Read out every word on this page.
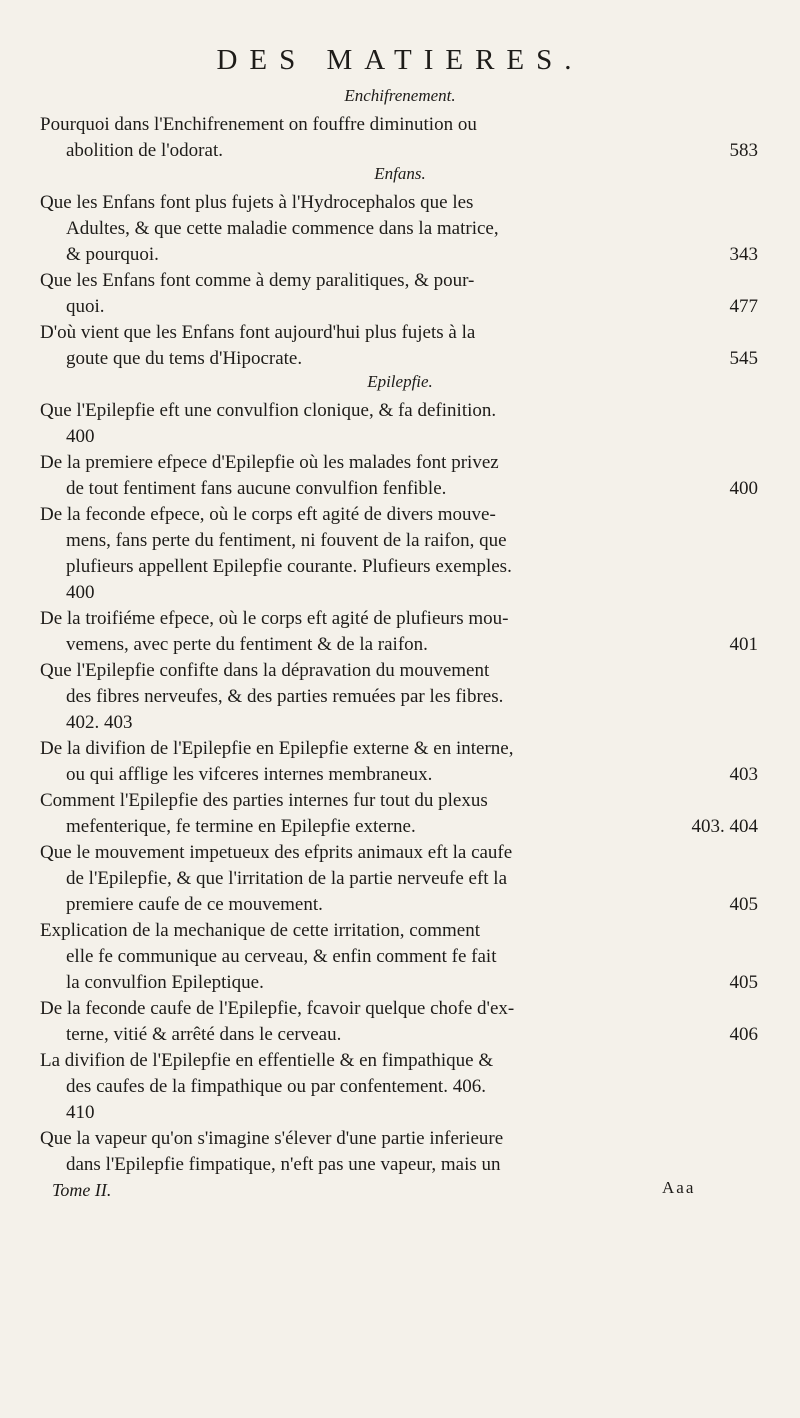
DES MATIERES.
Enchifrenement.
Pourquoi dans l'Enchifrenement on fouffre diminution ou
abolition de l'odorat.	583
Enfans.
Que les Enfans font plus fujets à l'Hydrocephalos que les
Adultes, & que cette maladie commence dans la matrice,
& pourquoi.	343
Que les Enfans font comme à demy paralitiques, & pour-
quoi.	477
D'où vient que les Enfans font aujourd'hui plus fujets à la
goute que du tems d'Hipocrate.	545
Epilepfie.
Que l'Epilepfie eft une convulfion clonique, & fa definition.
400
De la premiere efpece d'Epilepfie où les malades font privez
de tout fentiment fans aucune convulfion fenfible.	400
De la feconde efpece, où le corps eft agité de divers mouve-
mens, fans perte du fentiment, ni fouvent de la raifon, que
plufieurs appellent Epilepfie courante. Plufieurs exemples.
400
De la troifiéme efpece, où le corps eft agité de plufieurs mou-
vemens, avec perte du fentiment & de la raifon.	401
Que l'Epilepfie confifte dans la dépravation du mouvement
des fibres nerveufes, & des parties remuées par les fibres.
402. 403
De la divifion de l'Epilepfie en Epilepfie externe & en interne,
ou qui afflige les vifceres internes membraneux.	403
Comment l'Epilepfie des parties internes fur tout du plexus
mefenterique, fe termine en Epilepfie externe.	403. 404
Que le mouvement impetueux des efprits animaux eft la caufe
de l'Epilepfie, & que l'irritation de la partie nerveufe eft la
premiere caufe de ce mouvement.	405
Explication de la mechanique de cette irritation, comment
elle fe communique au cerveau, & enfin comment fe fait
la convulfion Epileptique.	405
De la feconde caufe de l'Epilepfie, fcavoir quelque chofe d'ex-
terne, vitié & arrêté dans le cerveau.	406
La divifion de l'Epilepfie en effentielle & en fimpathique &
des caufes de la fimpathique ou par confentement. 406.
410
Que la vapeur qu'on s'imagine s'élever d'une partie inferieure
dans l'Epilepfie fimpatique, n'eft pas une vapeur, mais un
Tome II.	Aaa
